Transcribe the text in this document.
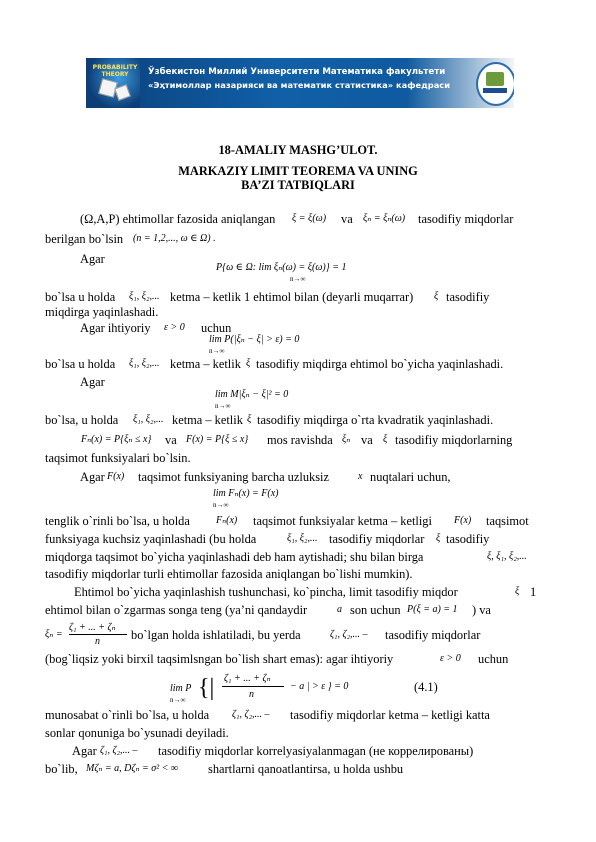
PROBABILITY THEORY	Ўзбекистон Миллий Университети Математика факультети
«Эҳтимоллар назарияси ва математик статистика» кафедраси
18-AMALIY MASHG’ULOT.
MARKAZIY LIMIT TEOREMA VA UNING
BA’ZI TATBIQLARI
(Ω,A,P) ehtimollar fazosida aniqlangan ξ = ξ(ω) va ξₙ = ξₙ(ω) tasodifiy miqdorlar
berilgan bo`lsin (n = 1,2,..., ω ∈ Ω) .
Agar
P{ω ∈ Ω: lim ξₙ(ω) = ξ(ω)} = 1
n→∞
bo`lsa u holda ξ₁, ξ₂,... ketma – ketlik 1 ehtimol bilan (deyarli muqarrar) ξ tasodifiy
miqdirga yaqinlashadi.
Agar ihtiyoriy ε > 0 uchun
lim P(|ξₙ − ξ| > ε) = 0
n→∞
bo`lsa u holda ξ₁, ξ₂,... ketma – ketlik ξ tasodifiy miqdirga ehtimol bo`yicha yaqinlashadi.
Agar
lim M|ξₙ − ξ|² = 0
n→∞
bo`lsa, u holda ξ₁, ξ₂,... ketma – ketlik ξ tasodifiy miqdirga o`rta kvadratik yaqinlashadi.
Fₙ(x) = P{ξₙ ≤ x} va F(x) = P{ξ ≤ x} mos ravishda ξₙ va ξ tasodifiy miqdorlarning
taqsimot funksiyalari bo`lsin.
Agar F(x) taqsimot funksiyaning barcha uzluksiz	x nuqtalari uchun,
lim Fₙ(x) = F(x)
n→∞
tenglik o`rinli bo`lsa, u holda	Fₙ(x) taqsimot funksiyalar ketma – ketligi F(x) taqsimot
funksiyaga kuchsiz yaqinlashadi (bu holda	ξ₁, ξ₂,... tasodifiy miqdorlar ξ tasodifiy
miqdorga taqsimot bo`yicha yaqinlashadi deb ham aytishadi; shu bilan birga	ξ, ξ₁, ξ₂,...
tasodifiy miqdorlar turli ehtimollar fazosida aniqlangan bo`lishi mumkin).
Ehtimol bo`yicha yaqinlashish tushunchasi, ko`pincha, limit tasodifiy miqdor	ξ 1
ehtimol bilan o`zgarmas songa teng (ya’ni qandaydir	a son uchun P(ξ = a) = 1 ) va
ξₙ =
ζ₁ + ... + ζₙ
n	bo`lgan holda ishlatiladi, bu yerda	ζ₁, ζ₂,... – tasodifiy miqdorlar
(bog`liqsiz yoki birxil taqsimlsngan bo`lish shart emas): agar ihtiyoriy	ε > 0 uchun
lim P
n→∞ {| ζ₁ + ... + ζₙ
n
− a | > ε } = 0	(4.1)
munosabat o`rinli bo`lsa, u holda ζ₁, ζ₂,... – tasodifiy miqdorlar ketma – ketligi katta
sonlar qonuniga bo`ysunadi deyiladi.
Agar ζ₁, ζ₂,... – tasodifiy miqdorlar korrelyasiyalanmagan (не коррелированы)
bo`lib, Mζₙ = a, Dζₙ = σ² < ∞ shartlarni qanoatlantirsa, u holda ushbu
